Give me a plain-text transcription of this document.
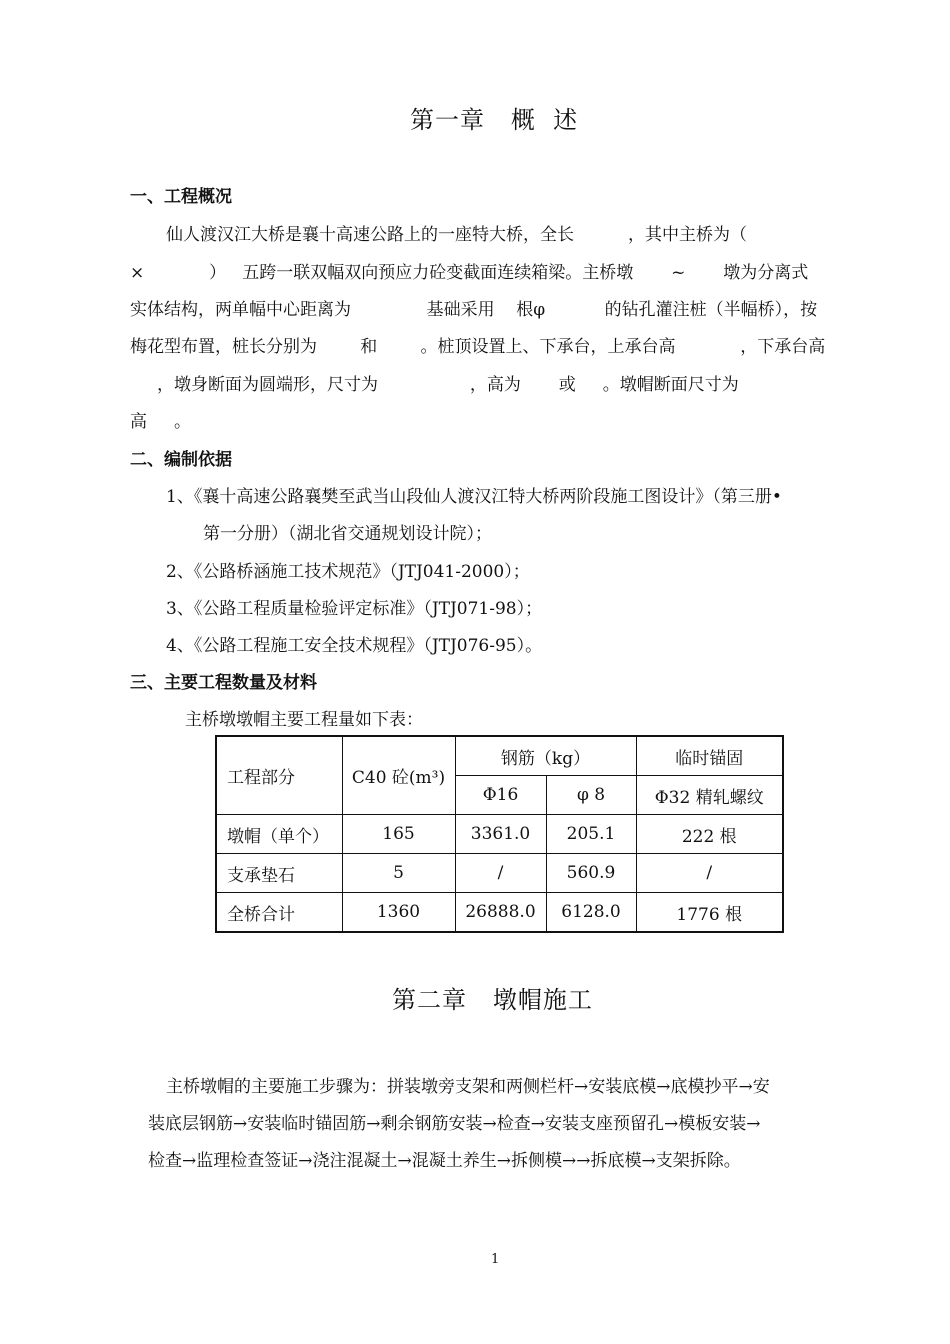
第一章   概  述
一、工程概况
仙人渡汉江大桥是襄十高速公路上的一座特大桥，全长          ，其中主桥为（
×            ）   五跨一联双幅双向预应力砼变截面连续箱梁。主桥墩       ~       墩为分离式
实体结构，两单幅中心距离为              基础采用    根φ           的钻孔灌注桩（半幅桥），按
梅花型布置，桩长分别为        和        。桩顶设置上、下承台，上承台高            ，下承台高
，墩身断面为圆端形，尺寸为                 ，高为       或     。墩帽断面尺寸为
高     。
二、编制依据
1、《襄十高速公路襄樊至武当山段仙人渡汉江特大桥两阶段施工图设计》（第三册•
第一分册）（湖北省交通规划设计院）；
2、《公路桥涵施工技术规范》（JTJ041-2000）；
3、《公路工程质量检验评定标准》（JTJ071-98）；
4、《公路工程施工安全技术规程》（JTJ076-95）。
三、主要工程数量及材料
主桥墩墩帽主要工程量如下表：
工程部分	C40 砼(m³)	钢筋（kg）		临时锚固
		Φ16	φ 8	Φ32 精轧螺纹
墩帽（单个）	165	3361.0	205.1	222 根
支承垫石	5	/	560.9	/
全桥合计	1360	26888.0	6128.0	1776 根
第二章   墩帽施工
主桥墩帽的主要施工步骤为：拼装墩旁支架和两侧栏杆→安装底模→底模抄平→安
装底层钢筋→安装临时锚固筋→剩余钢筋安装→检查→安装支座预留孔→模板安装→
检查→监理检查签证→浇注混凝土→混凝土养生→拆侧模→→拆底模→支架拆除。
1
